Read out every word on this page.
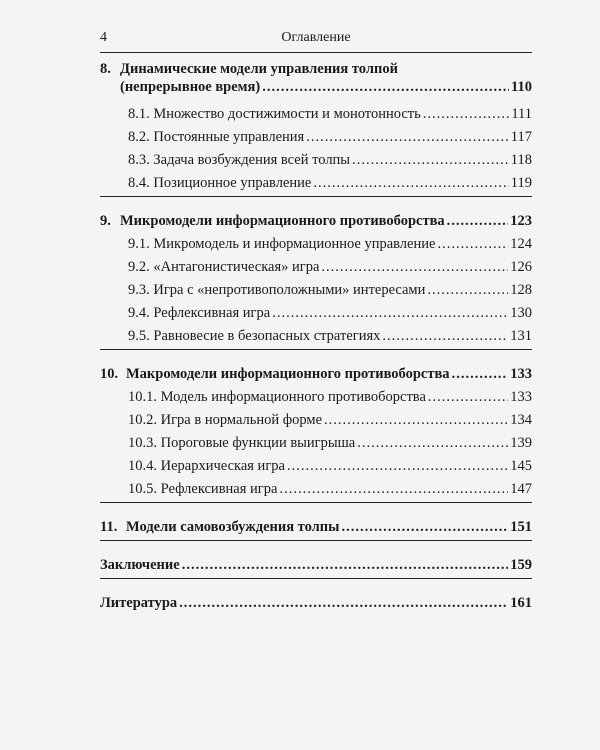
4	Оглавление
8. Динамические модели управления толпой
(непрерывное время) .....	110
8.1. Множество достижимости и монотонность .....	111
8.2. Постоянные управления .....	117
8.3. Задача возбуждения всей толпы .....	118
8.4. Позиционное управление .....	119
9. Микромодели информационного противоборства .....	123
9.1. Микромодель и информационное управление .....	124
9.2. «Антагонистическая» игра .....	126
9.3. Игра с «непротивоположными» интересами .....	128
9.4. Рефлексивная игра .....	130
9.5. Равновесие в безопасных стратегиях .....	131
10. Макромодели информационного противоборства .....	133
10.1. Модель информационного противоборства .....	133
10.2. Игра в нормальной форме .....	134
10.3. Пороговые функции выигрыша .....	139
10.4. Иерархическая игра .....	145
10.5. Рефлексивная игра .....	147
11. Модели самовозбуждения толпы .....	151
Заключение .....	159
Литература .....	161
